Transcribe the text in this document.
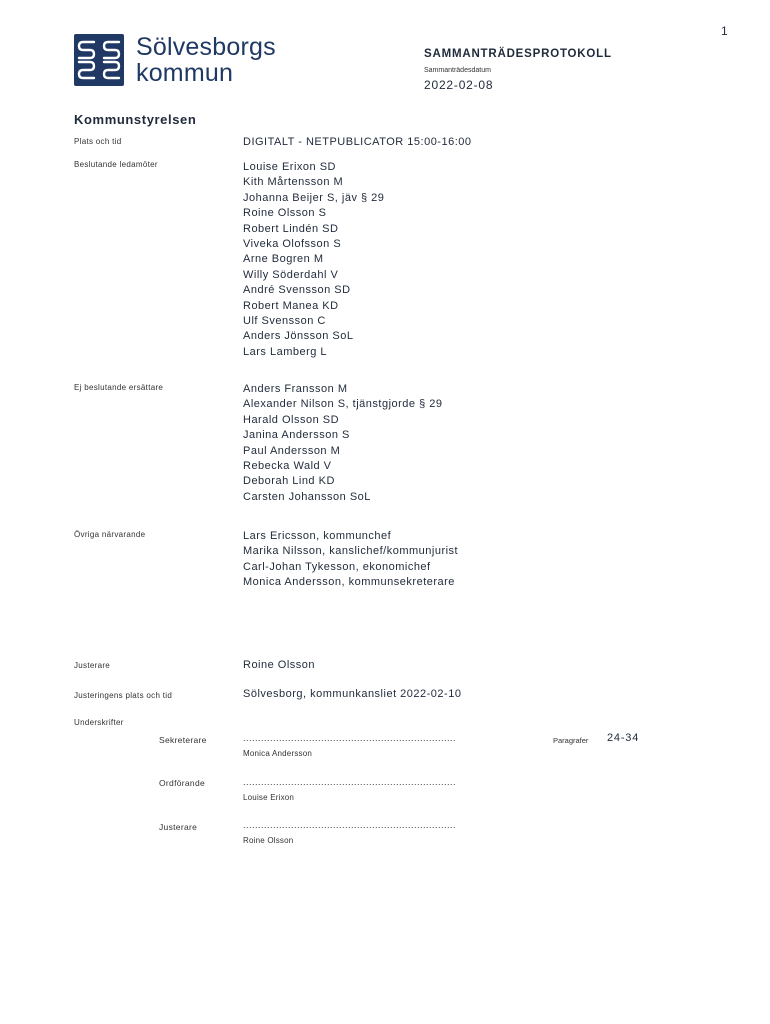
1
Sölvesborgs
kommun
SAMMANTRÄDESPROTOKOLL
Sammanträdesdatum
2022-02-08
Kommunstyrelsen
Plats och tid	DIGITALT - NETPUBLICATOR 15:00-16:00
Beslutande ledamöter	Louise Erixon SD
Kith Mårtensson M
Johanna Beijer S, jäv § 29
Roine Olsson S
Robert Lindén SD
Viveka Olofsson S
Arne Bogren M
Willy Söderdahl V
André Svensson SD
Robert Manea KD
Ulf Svensson C
Anders Jönsson SoL
Lars Lamberg L
Ej beslutande ersättare	Anders Fransson M
Alexander Nilson S, tjänstgjorde § 29
Harald Olsson SD
Janina Andersson S
Paul Andersson M
Rebecka Wald V
Deborah Lind KD
Carsten Johansson SoL
Övriga närvarande	Lars Ericsson, kommunchef
Marika Nilsson, kanslichef/kommunjurist
Carl-Johan Tykesson, ekonomichef
Monica Andersson, kommunsekreterare
Justerare	Roine Olsson
Justeringens plats och tid	Sölvesborg, kommunkansliet 2022-02-10
Underskrifter
Sekreterare	.......................................................................	Paragrafer 24-34
Monica Andersson
Ordförande	.......................................................................
Louise Erixon
Justerare	.......................................................................
Roine Olsson
